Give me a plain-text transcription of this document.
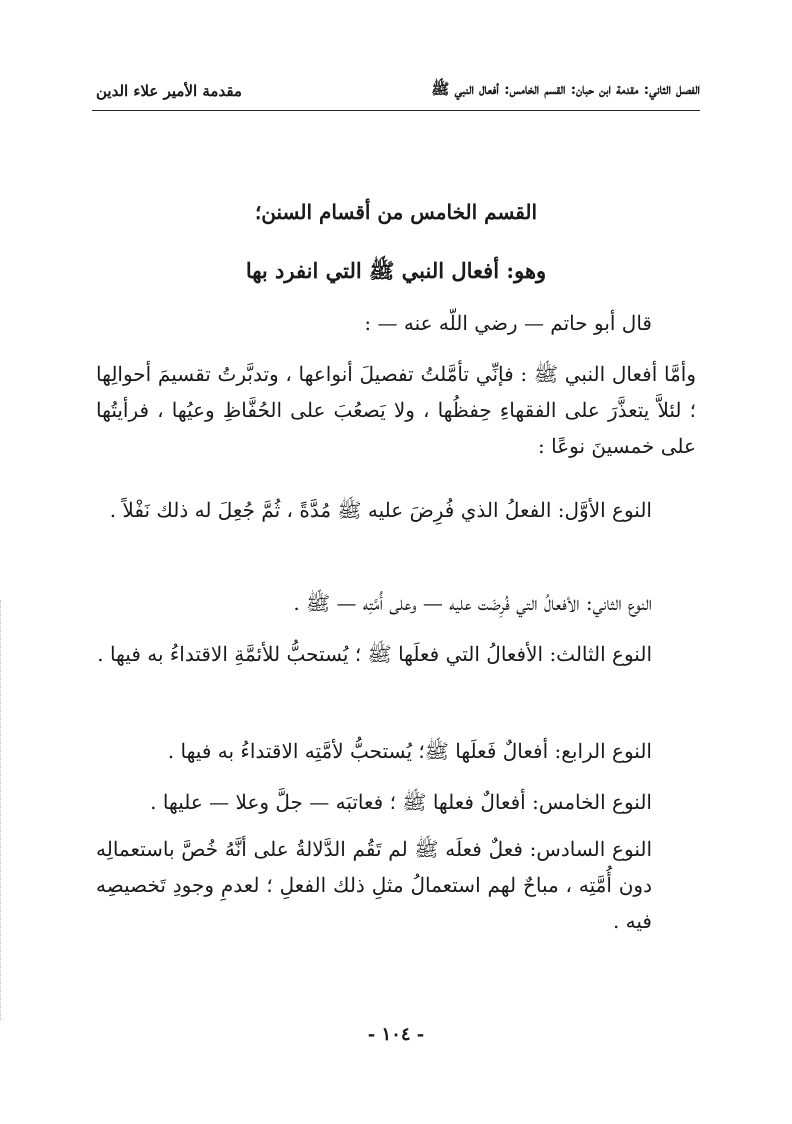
الفصل الثاني: مقدمة ابن حبان: القسم الخامس: أفعال النبي ﷺ
مقدمة الأمير علاء الدين
القسم الخامس من أقسام السنن؛
وهو: أفعال النبي ﷺ التي انفرد بها
قال أبو حاتم — رضي اللّه عنه — :
وأمَّا أفعال النبي ﷺ : فإنِّي تأمَّلتُ تفصيلَ أنواعها ، وتدبَّرتُ تقسيمَ أحوالِها ؛ لئلاَّ يتعذَّرَ على الفقهاءِ حِفظُها ، ولا يَصعُبَ على الحُفَّاظِ وعيُها ، فرأيتُها على خمسينَ نوعًا :
النوع الأوَّل: الفعلُ الذي فُرِضَ عليه ﷺ مُدَّةً ، ثُمَّ جُعِلَ له ذلك نَفْلاً .
النوع الثاني: الأفعالُ التي فُرِضَت عليه — وعلى أُمَّتِه — ﷺ .
النوع الثالث: الأفعالُ التي فعلَها ﷺ ؛ يُستحبُّ للأئمَّةِ الاقتداءُ به فيها .
النوع الرابع: أفعالٌ فَعلَها ﷺ؛ يُستحبُّ لأمَّتِه الاقتداءُ به فيها .
النوع الخامس: أفعالٌ فعلها ﷺ ؛ فعاتبَه — جلَّ وعلا — عليها .
النوع السادس: فعلٌ فعلَه ﷺ لم تَقُم الدَّلالةُ على أنَّهُ خُصَّ باستعمالِه دون أُمَّتِه ، مباحٌ لهم استعمالُ مثلِ ذلك الفعلِ ؛ لعدمِ وجودِ تَخصيصِه فيه .
- ١٠٤ -
